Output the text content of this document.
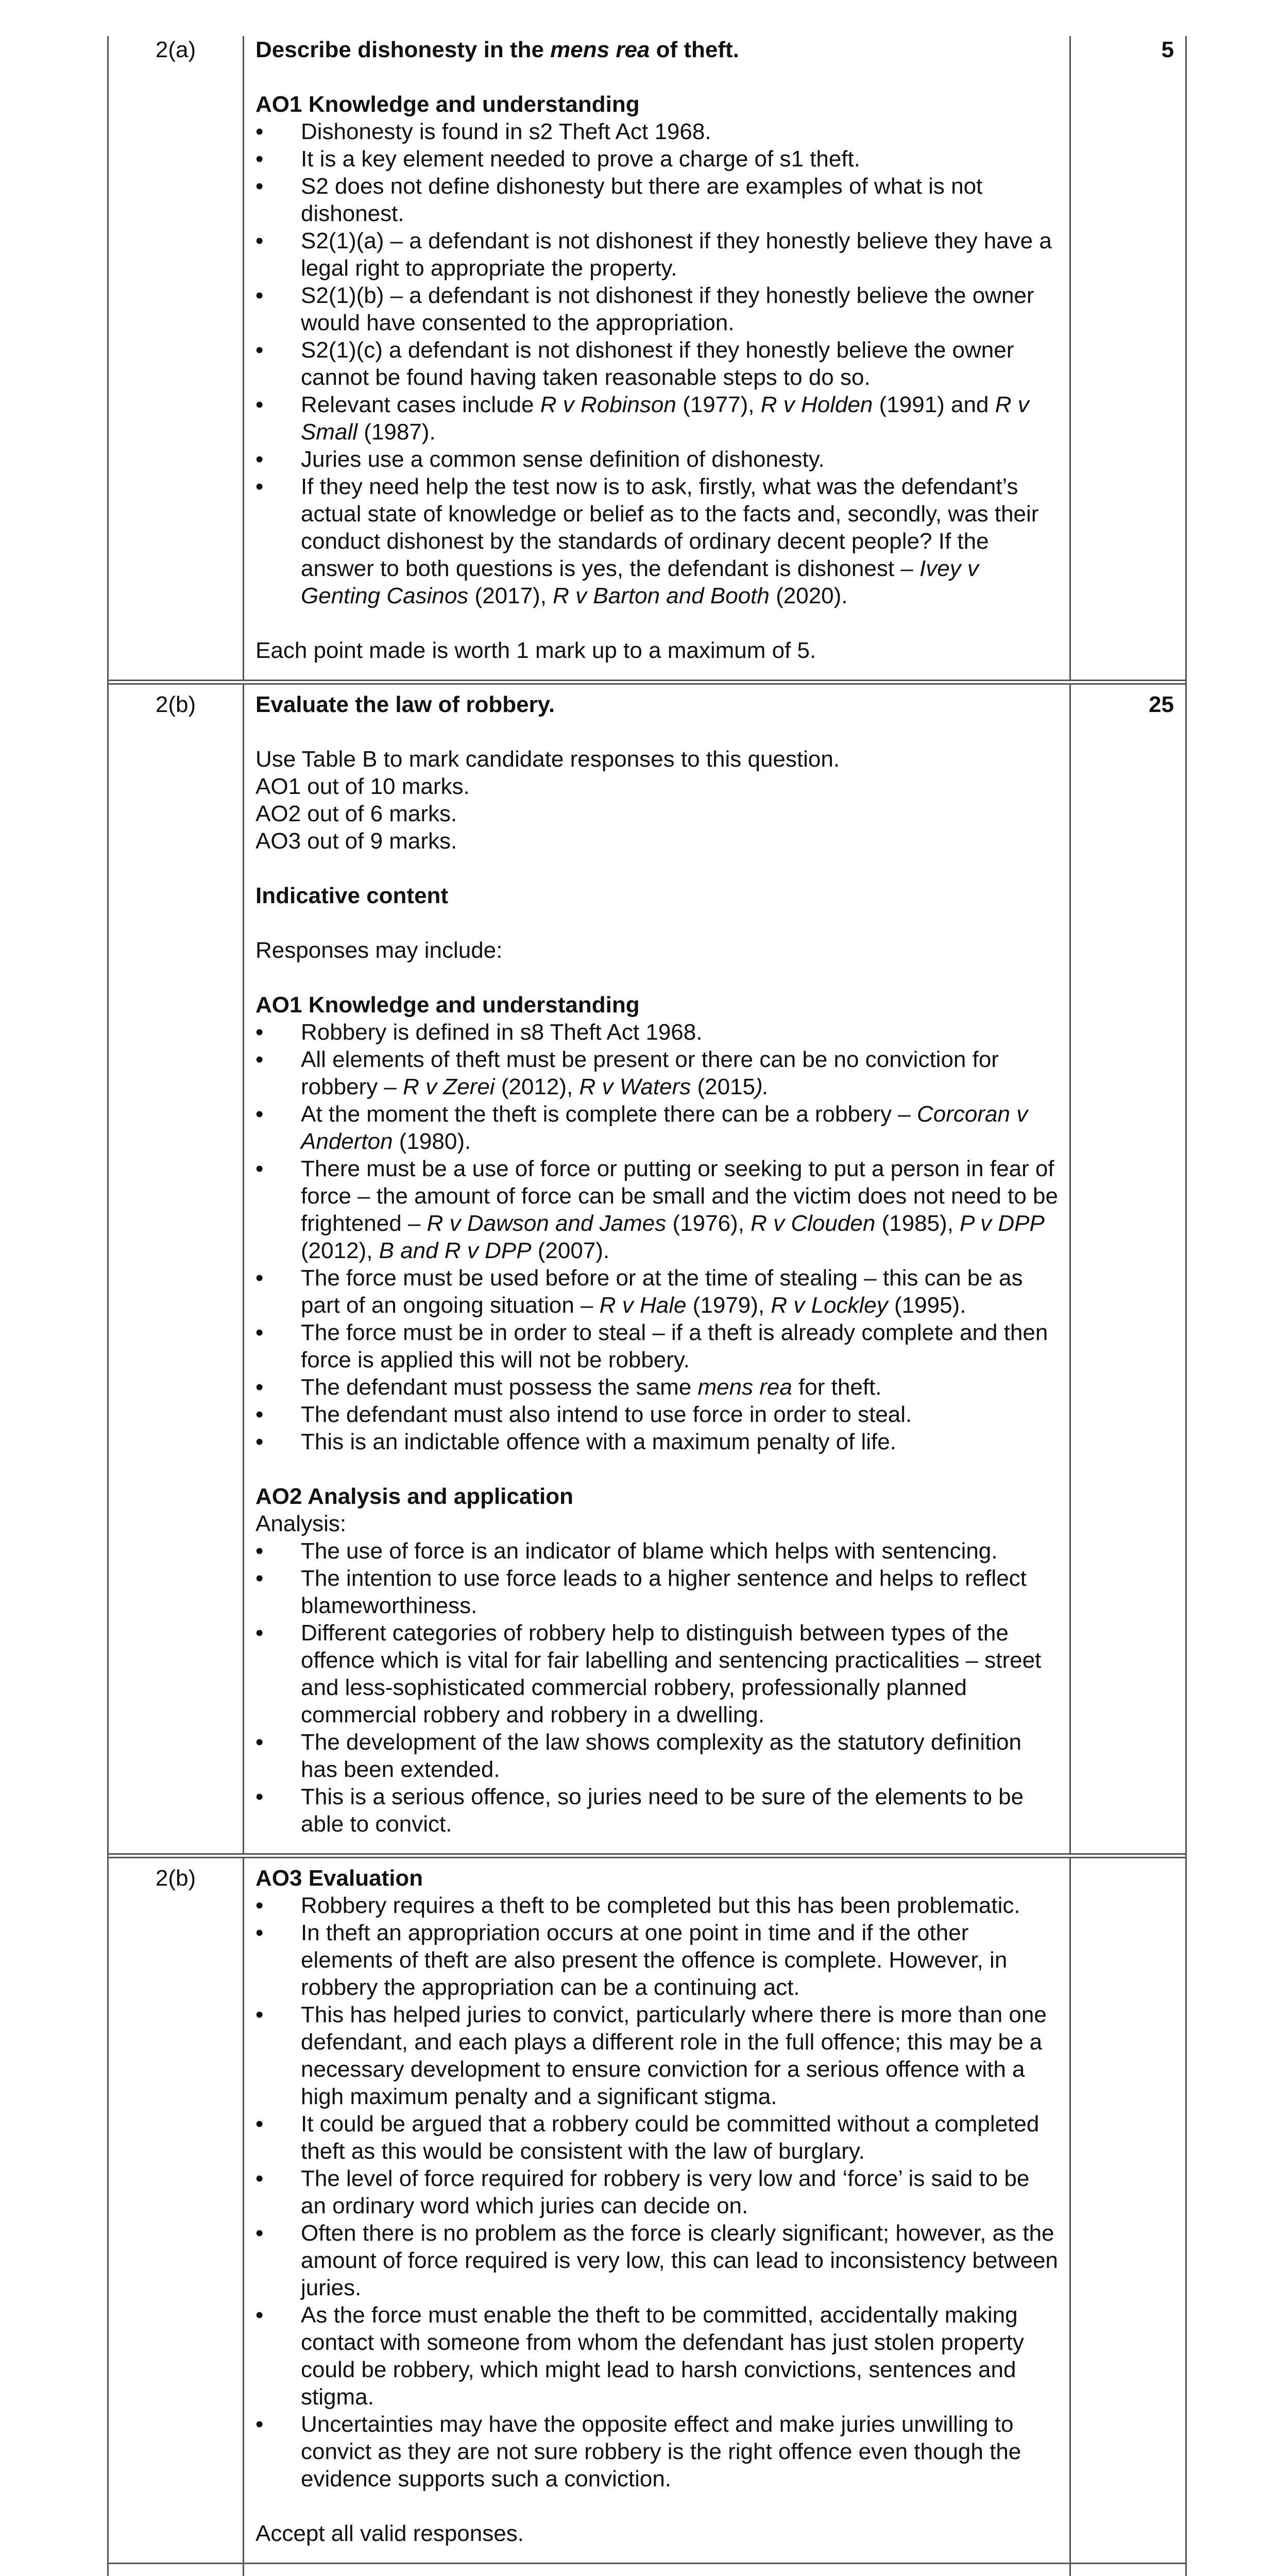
2(a)	Describe dishonesty in the mens rea of theft.
AO1 Knowledge and understanding
• Dishonesty is found in s2 Theft Act 1968.
• It is a key element needed to prove a charge of s1 theft.
• S2 does not define dishonesty but there are examples of what is not dishonest.
• S2(1)(a) – a defendant is not dishonest if they honestly believe they have a legal right to appropriate the property.
• S2(1)(b) – a defendant is not dishonest if they honestly believe the owner would have consented to the appropriation.
• S2(1)(c) a defendant is not dishonest if they honestly believe the owner cannot be found having taken reasonable steps to do so.
• Relevant cases include R v Robinson (1977), R v Holden (1991) and R v Small (1987).
• Juries use a common sense definition of dishonesty.
• If they need help the test now is to ask, firstly, what was the defendant’s actual state of knowledge or belief as to the facts and, secondly, was their conduct dishonest by the standards of ordinary decent people? If the answer to both questions is yes, the defendant is dishonest – Ivey v Genting Casinos (2017), R v Barton and Booth (2020).
Each point made is worth 1 mark up to a maximum of 5.
5
2(b)	Evaluate the law of robbery.
Use Table B to mark candidate responses to this question.
AO1 out of 10 marks.
AO2 out of 6 marks.
AO3 out of 9 marks.
Indicative content
Responses may include:
AO1 Knowledge and understanding
• Robbery is defined in s8 Theft Act 1968.
• All elements of theft must be present or there can be no conviction for robbery – R v Zerei (2012), R v Waters (2015).
• At the moment the theft is complete there can be a robbery – Corcoran v Anderton (1980).
• There must be a use of force or putting or seeking to put a person in fear of force – the amount of force can be small and the victim does not need to be frightened – R v Dawson and James (1976), R v Clouden (1985), P v DPP (2012), B and R v DPP (2007).
• The force must be used before or at the time of stealing – this can be as part of an ongoing situation – R v Hale (1979), R v Lockley (1995).
• The force must be in order to steal – if a theft is already complete and then force is applied this will not be robbery.
• The defendant must possess the same mens rea for theft.
• The defendant must also intend to use force in order to steal.
• This is an indictable offence with a maximum penalty of life.
AO2 Analysis and application
Analysis:
• The use of force is an indicator of blame which helps with sentencing.
• The intention to use force leads to a higher sentence and helps to reflect blameworthiness.
• Different categories of robbery help to distinguish between types of the offence which is vital for fair labelling and sentencing practicalities – street and less-sophisticated commercial robbery, professionally planned commercial robbery and robbery in a dwelling.
• The development of the law shows complexity as the statutory definition has been extended.
• This is a serious offence, so juries need to be sure of the elements to be able to convict.
25
2(b)	AO3 Evaluation
• Robbery requires a theft to be completed but this has been problematic.
• In theft an appropriation occurs at one point in time and if the other elements of theft are also present the offence is complete. However, in robbery the appropriation can be a continuing act.
• This has helped juries to convict, particularly where there is more than one defendant, and each plays a different role in the full offence; this may be a necessary development to ensure conviction for a serious offence with a high maximum penalty and a significant stigma.
• It could be argued that a robbery could be committed without a completed theft as this would be consistent with the law of burglary.
• The level of force required for robbery is very low and ‘force’ is said to be an ordinary word which juries can decide on.
• Often there is no problem as the force is clearly significant; however, as the amount of force required is very low, this can lead to inconsistency between juries.
• As the force must enable the theft to be committed, accidentally making contact with someone from whom the defendant has just stolen property could be robbery, which might lead to harsh convictions, sentences and stigma.
• Uncertainties may have the opposite effect and make juries unwilling to convict as they are not sure robbery is the right offence even though the evidence supports such a conviction.
Accept all valid responses.
